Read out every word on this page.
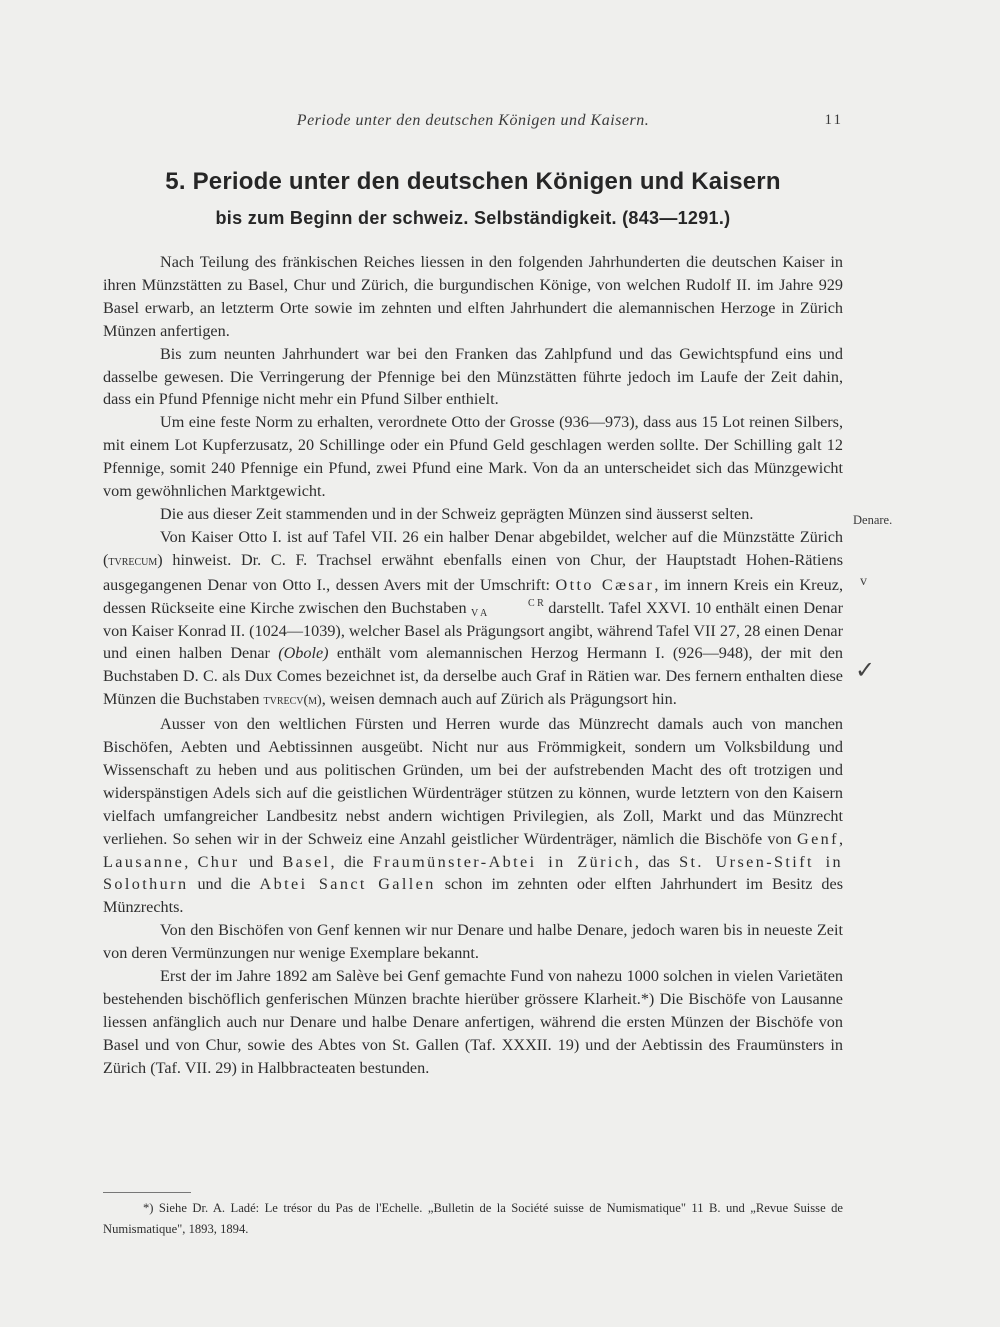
Periode unter den deutschen Königen und Kaisern.	11
5. Periode unter den deutschen Königen und Kaisern
bis zum Beginn der schweiz. Selbständigkeit. (843—1291.)

Nach Teilung des fränkischen Reiches liessen in den folgenden Jahrhunderten die deutschen Kaiser in ihren Münzstätten zu Basel, Chur und Zürich, die burgundischen Könige, von welchen Rudolf II. im Jahre 929 Basel erwarb, an letzterm Orte sowie im zehnten und elften Jahrhundert die alemannischen Herzoge in Zürich Münzen anfertigen.

Bis zum neunten Jahrhundert war bei den Franken das Zahlpfund und das Gewichtspfund eins und dasselbe gewesen. Die Verringerung der Pfennige bei den Münzstätten führte jedoch im Laufe der Zeit dahin, dass ein Pfund Pfennige nicht mehr ein Pfund Silber enthielt.

Um eine feste Norm zu erhalten, verordnete Otto der Grosse (936—973), dass aus 15 Lot reinen Silbers, mit einem Lot Kupferzusatz, 20 Schillinge oder ein Pfund Geld geschlagen werden sollte. Der Schilling galt 12 Pfennige, somit 240 Pfennige ein Pfund, zwei Pfund eine Mark. Von da an unterscheidet sich das Münzgewicht vom gewöhnlichen Marktgewicht.

Die aus dieser Zeit stammenden und in der Schweiz geprägten Münzen sind äusserst selten.

Von Kaiser Otto I. ist auf Tafel VII. 26 ein halber Denar abgebildet, welcher auf die Münzstätte Zürich (tvrecum) hinweist. Dr. C. F. Trachsel erwähnt ebenfalls einen von Chur, der Hauptstadt Hohen-Rätiens ausgegangenen Denar von Otto I., dessen Avers mit der Umschrift: Otto Cæsar, im innern Kreis ein Kreuz, dessen Rückseite eine Kirche zwischen den Buchstaben	C R
V A	darstellt. Tafel XXVI. 10 enthält einen Denar von Kaiser Konrad II. (1024—1039), welcher Basel als Prägungsort angibt, während Tafel VII 27, 28 einen Denar und einen halben Denar (Obole) enthält vom alemannischen Herzog Hermann I. (926—948), der mit den Buchstaben D. C. als Dux Comes bezeichnet ist, da derselbe auch Graf in Rätien war. Des fernern enthalten diese Münzen die Buchstaben tvrecv(m), weisen demnach auch auf Zürich als Prägungsort hin.

Ausser von den weltlichen Fürsten und Herren wurde das Münzrecht damals auch von manchen Bischöfen, Aebten und Aebtissinnen ausgeübt. Nicht nur aus Frömmigkeit, sondern um Volksbildung und Wissenschaft zu heben und aus politischen Gründen, um bei der aufstrebenden Macht des oft trotzigen und widerspänstigen Adels sich auf die geistlichen Würdenträger stützen zu können, wurde letztern von den Kaisern vielfach umfangreicher Landbesitz nebst andern wichtigen Privilegien, als Zoll, Markt und das Münzrecht verliehen. So sehen wir in der Schweiz eine Anzahl geistlicher Würdenträger, nämlich die Bischöfe von Genf, Lausanne, Chur und Basel, die Fraumünster-Abtei in Zürich, das St. Ursen-Stift in Solothurn und die Abtei Sanct Gallen schon im zehnten oder elften Jahrhundert im Besitz des Münzrechts.

Von den Bischöfen von Genf kennen wir nur Denare und halbe Denare, jedoch waren bis in neueste Zeit von deren Vermünzungen nur wenige Exemplare bekannt.

Erst der im Jahre 1892 am Salève bei Genf gemachte Fund von nahezu 1000 solchen in vielen Varietäten bestehenden bischöflich genferischen Münzen brachte hierüber grössere Klarheit.*) Die Bischöfe von Lausanne liessen anfänglich auch nur Denare und halbe Denare anfertigen, während die ersten Münzen der Bischöfe von Basel und von Chur, sowie des Abtes von St. Gallen (Taf. XXXII. 19) und der Aebtissin des Fraumünsters in Zürich (Taf. VII. 29) in Halbbracteaten bestunden.

Denare.
v
✓

*) Siehe Dr. A. Ladé: Le trésor du Pas de l'Echelle. „Bulletin de la Société suisse de Numismatique" 11 B. und „Revue Suisse de Numismatique", 1893, 1894.
